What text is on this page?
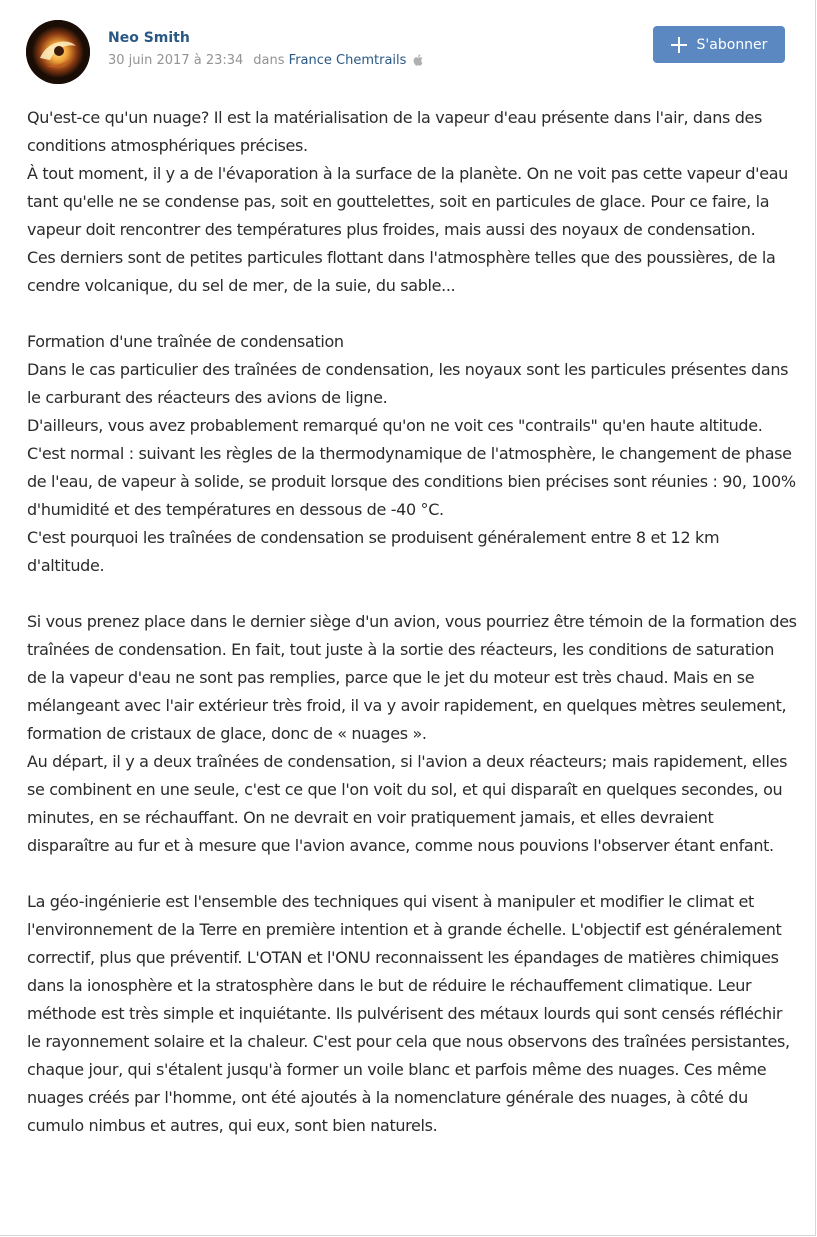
Neo Smith
30 juin 2017 à 23:34 dans France Chemtrails
S'abonner
Qu'est-ce qu'un nuage? Il est la matérialisation de la vapeur d'eau présente dans l'air, dans des conditions atmosphériques précises.
À tout moment, il y a de l'évaporation à la surface de la planète. On ne voit pas cette vapeur d'eau tant qu'elle ne se condense pas, soit en gouttelettes, soit en particules de glace. Pour ce faire, la vapeur doit rencontrer des températures plus froides, mais aussi des noyaux de condensation.
Ces derniers sont de petites particules flottant dans l'atmosphère telles que des poussières, de la cendre volcanique, du sel de mer, de la suie, du sable...
Formation d'une traînée de condensation
Dans le cas particulier des traînées de condensation, les noyaux sont les particules présentes dans le carburant des réacteurs des avions de ligne.
D'ailleurs, vous avez probablement remarqué qu'on ne voit ces "contrails" qu'en haute altitude. C'est normal : suivant les règles de la thermodynamique de l'atmosphère, le changement de phase de l'eau, de vapeur à solide, se produit lorsque des conditions bien précises sont réunies : 90, 100% d'humidité et des températures en dessous de -40 °C.
C'est pourquoi les traînées de condensation se produisent généralement entre 8 et 12 km d'altitude.
Si vous prenez place dans le dernier siège d'un avion, vous pourriez être témoin de la formation des traînées de condensation. En fait, tout juste à la sortie des réacteurs, les conditions de saturation de la vapeur d'eau ne sont pas remplies, parce que le jet du moteur est très chaud. Mais en se mélangeant avec l'air extérieur très froid, il va y avoir rapidement, en quelques mètres seulement, formation de cristaux de glace, donc de « nuages ».
Au départ, il y a deux traînées de condensation, si l'avion a deux réacteurs; mais rapidement, elles se combinent en une seule, c'est ce que l'on voit du sol, et qui disparaît en quelques secondes, ou minutes, en se réchauffant. On ne devrait en voir pratiquement jamais, et elles devraient disparaître au fur et à mesure que l'avion avance, comme nous pouvions l'observer étant enfant.
La géo-ingénierie est l'ensemble des techniques qui visent à manipuler et modifier le climat et l'environnement de la Terre en première intention et à grande échelle. L'objectif est généralement correctif, plus que préventif. L'OTAN et l'ONU reconnaissent les épandages de matières chimiques dans la ionosphère et la stratosphère dans le but de réduire le réchauffement climatique. Leur méthode est très simple et inquiétante. Ils pulvérisent des métaux lourds qui sont censés réfléchir le rayonnement solaire et la chaleur. C'est pour cela que nous observons des traînées persistantes, chaque jour, qui s'étalent jusqu'à former un voile blanc et parfois même des nuages. Ces même nuages créés par l'homme, ont été ajoutés à la nomenclature générale des nuages, à côté du cumulo nimbus et autres, qui eux, sont bien naturels.
